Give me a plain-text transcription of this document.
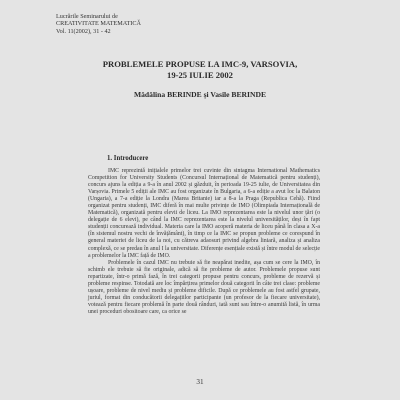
Lucrările Seminarului de
CREATIVITATE MATEMATICĂ
Vol. 11(2002), 31 - 42
PROBLEMELE PROPUSE LA IMC-9, VARSOVIA,
19-25 IULIE 2002
Mădălina BERINDE și Vasile BERINDE
1. Introducere

IMC reprezintă inițialele primelor trei cuvinte din sintagma International Mathematics Competition for University Students (Concursul Internațional de Matematică pentru studenți), concurs ajuns la ediția a 9-a în anul 2002 și găzduit, în perioada 19-25 iulie, de Universitatea din Varșovia. Primele 5 ediții ale IMC au fost organizate în Bulgaria, a 6-a ediție a avut loc la Balaton (Ungaria), a 7-a ediție la Londra (Marea Britanie) iar a 8-a la Praga (Republica Cehă). Fiind organizat pentru studenți, IMC diferă în mai multe privințe de IMO (Olimpiada Internațională de Matematică), organizată pentru elevii de liceu. La IMO reprezentarea este la nivelul unor țări (o delegație de 6 elevi), pe când la IMC reprezentarea este la nivelul universităților, deși în fapt studenții concurează individual. Materia care la IMO acoperă materia de liceu până în clasa a X-a (în sistemul nostru vechi de învățământ), în timp ce la IMC se propun probleme ce corespund în general materiei de liceu de la noi, cu cătreva adaosuri privind algebra liniară, analiza și analiza complexă, ce se predau în anul I la universitate. Diferențe esențiale există și între modul de selecție a problemelor la IMC față de IMO.

Problemele în cazul IMC nu trebuie să fie neapărat inedite, așa cum se cere la IMO, în schimb ele trebuie să fie originale, adică să fie probleme de autor. Problemele propuse sunt repartizate, într-o primă fază, în trei categorii propuse pentru concurs, probleme de rezervă și probleme respinse. Totodată are loc împărțirea primelor două categorii în câte trei clase: probleme ușoare, probleme de nivel mediu și probleme dificile. După ce problemele au fost astfel grupate, juriul, format din conducătorii delegațiilor participante (un profesor de la fiecare universitate), votează pentru fiecare problemă în parte două rânduri, iată sunt sau între-o anumită listă, în urma unei proceduri obositoare care, ca orice se

31
